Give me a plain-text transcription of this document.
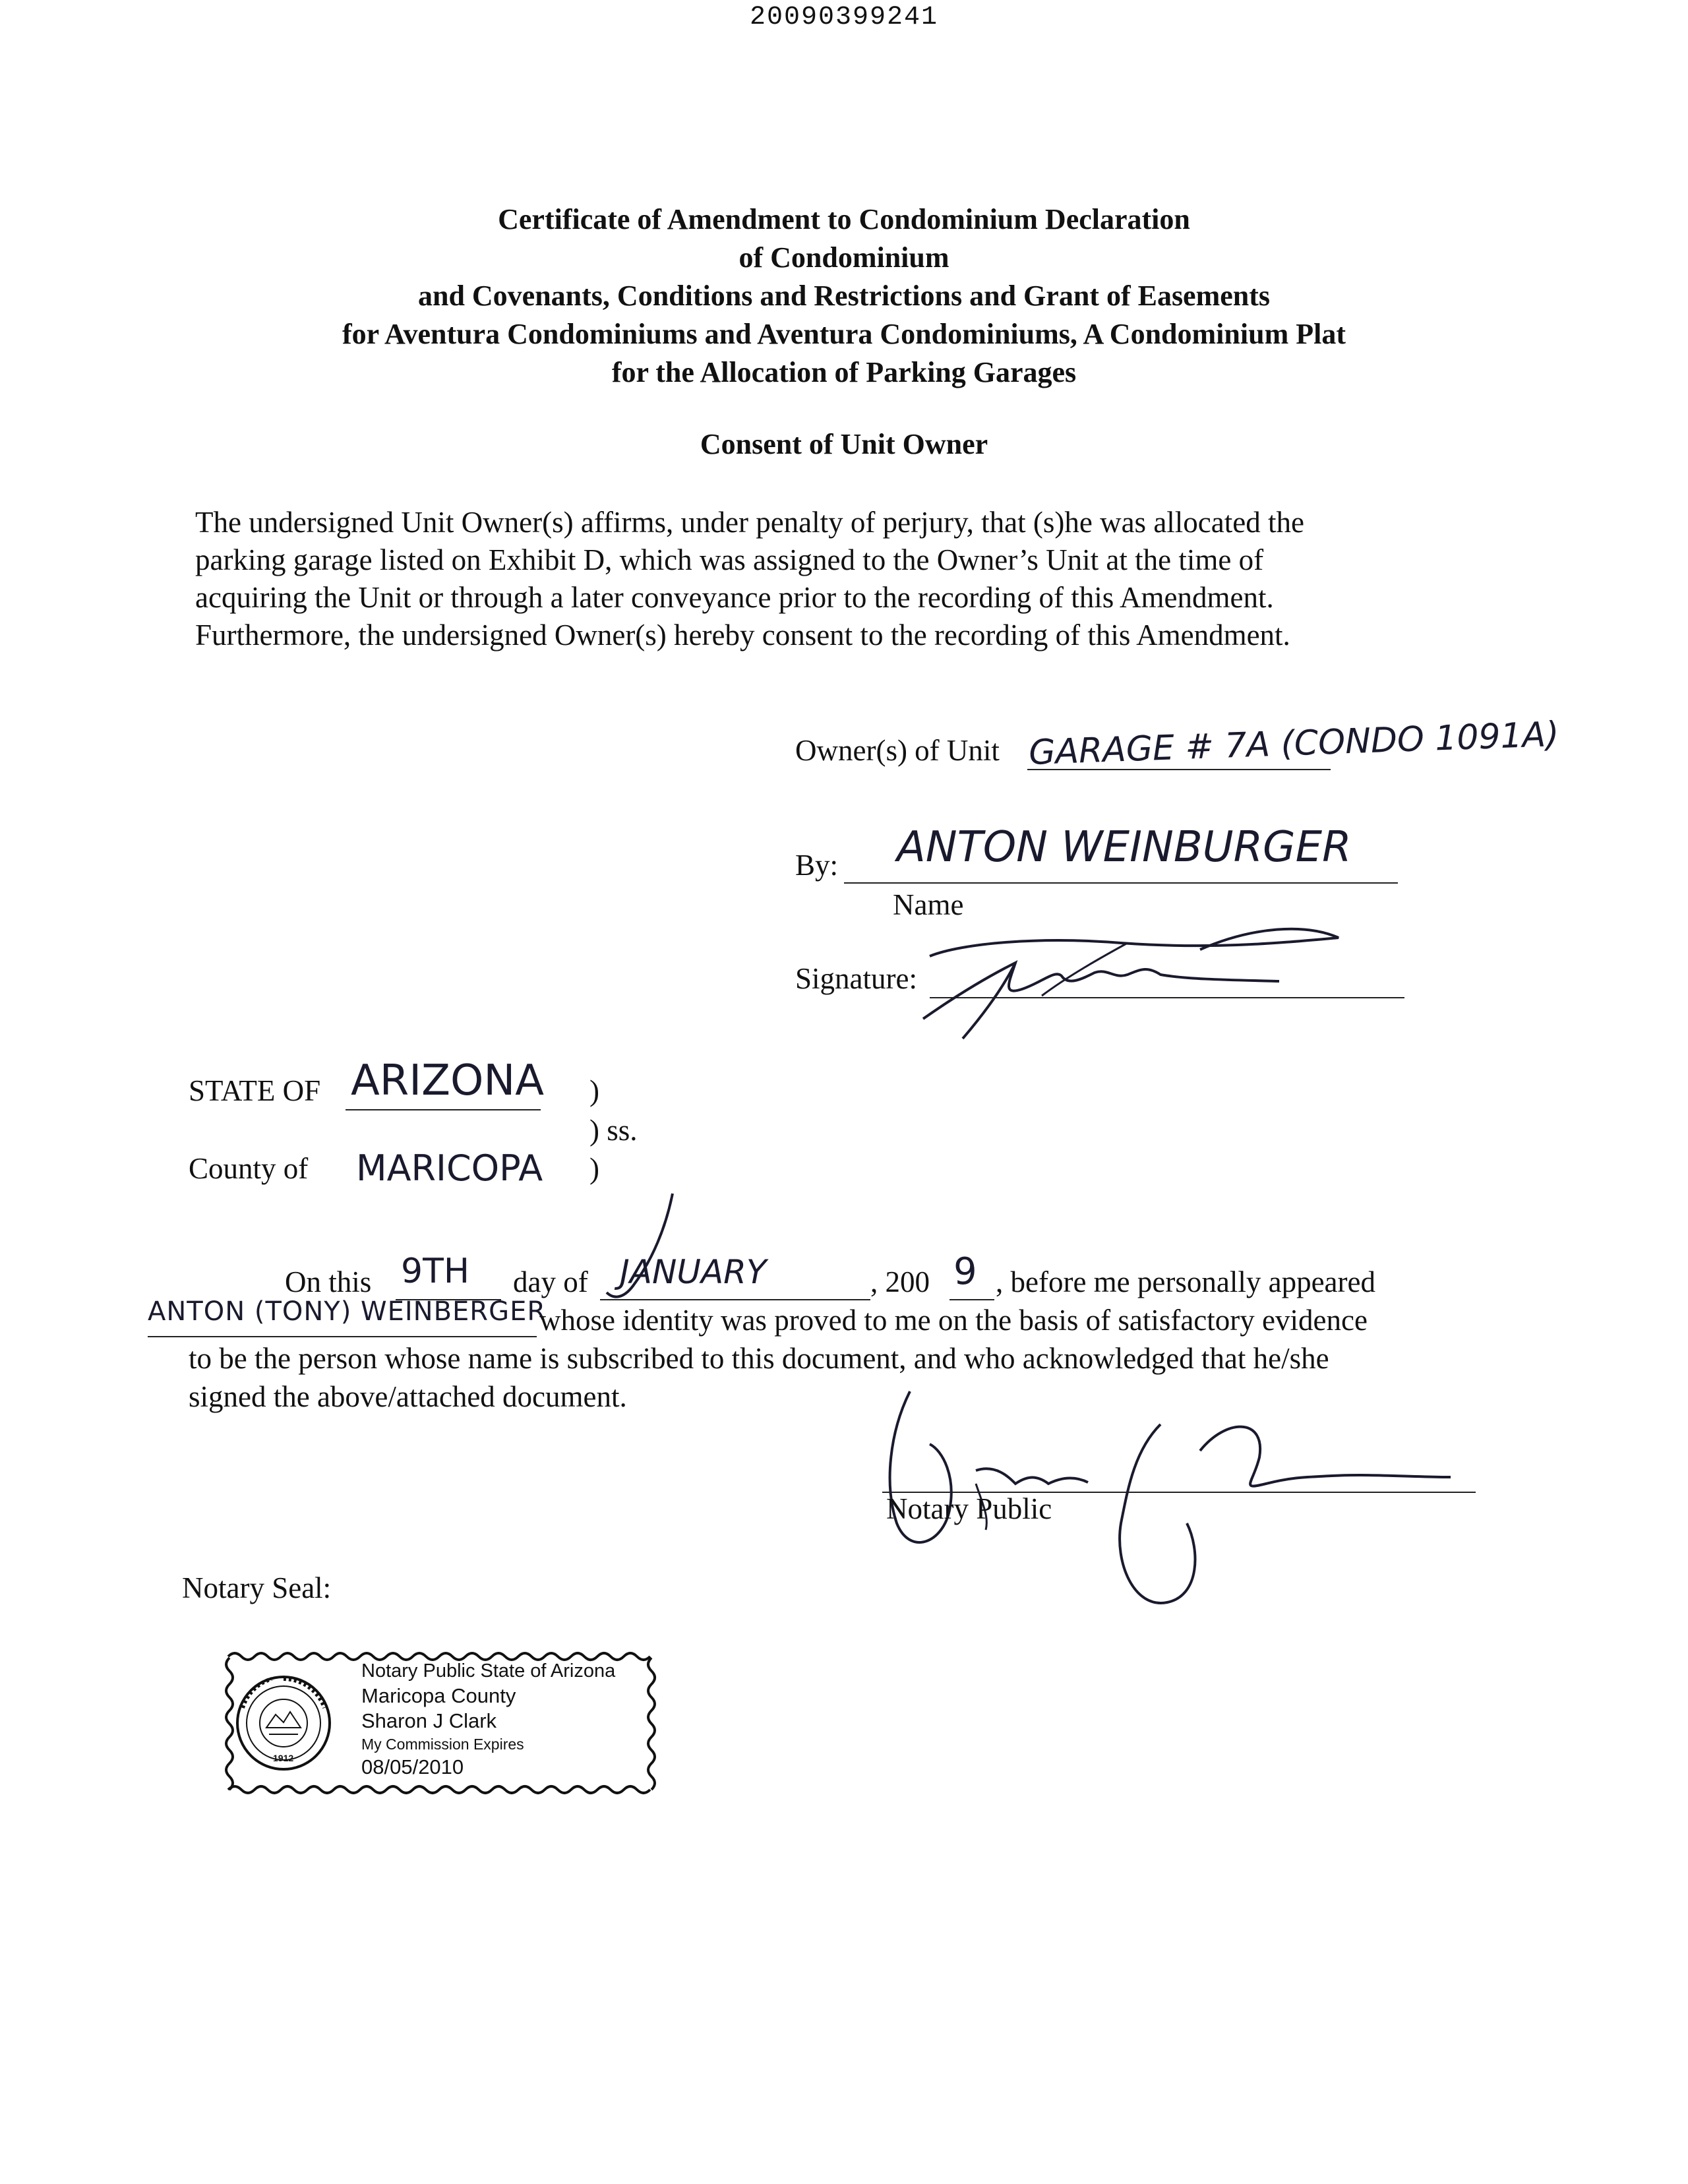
20090399241
Certificate of Amendment to Condominium Declaration
of Condominium
and Covenants, Conditions and Restrictions and Grant of Easements
for Aventura Condominiums and Aventura Condominiums, A Condominium Plat
for the Allocation of Parking Garages
Consent of Unit Owner
The undersigned Unit Owner(s) affirms, under penalty of perjury, that (s)he was allocated the
parking garage listed on Exhibit D, which was assigned to the Owner’s Unit at the time of
acquiring the Unit or through a later conveyance prior to the recording of this Amendment.
Furthermore, the undersigned Owner(s) hereby consent to the recording of this Amendment.
Owner(s) of Unit GARAGE # 7A (CONDO 1091A)
By: ANTON WEINBURGER
Name
Signature:
STATE OF ARIZONA )
) ss.
County of MARICOPA )
On this 9TH day of JANUARY	, 200 9 , before me personally appeared
ANTON (TONY) WEINBERGER
whose identity was proved to me on the basis of satisfactory evidence
to be the person whose name is subscribed to this document, and who acknowledged that he/she
signed the above/attached document.
Notary Public
Notary Seal:
1912
Notary Public State of Arizona
Maricopa County
Sharon J Clark
My Commission Expires
08/05/2010
